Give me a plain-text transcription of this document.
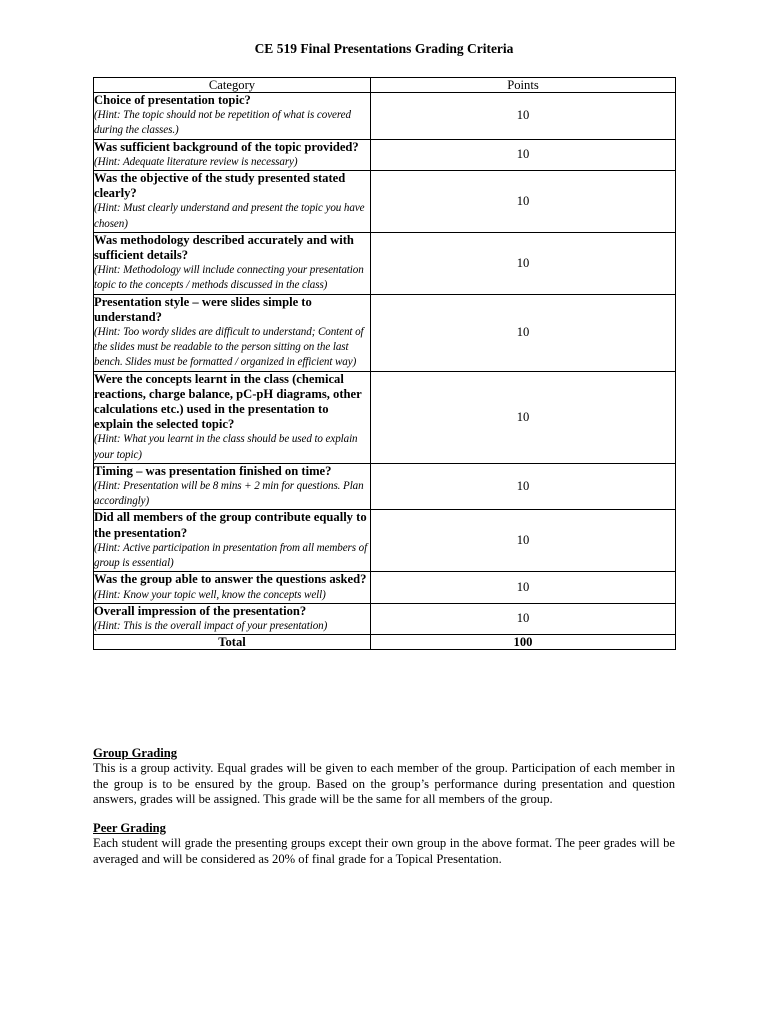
CE 519 Final Presentations Grading Criteria
Category	Points

Choice of presentation topic?
(Hint: The topic should not be repetition of what is covered during the classes.)	10

Was sufficient background of the topic provided?
(Hint: Adequate literature review is necessary)	10

Was the objective of the study presented stated clearly?
(Hint: Must clearly understand and present the topic you have chosen)	10

Was methodology described accurately and with sufficient details?
(Hint: Methodology will include connecting your presentation topic to the concepts / methods discussed in the class)	10

Presentation style – were slides simple to understand?
(Hint: Too wordy slides are difficult to understand; Content of the slides must be readable to the person sitting on the last bench. Slides must be formatted / organized in efficient way)	10

Were the concepts learnt in the class (chemical reactions, charge balance, pC-pH diagrams, other calculations etc.) used in the presentation to explain the selected topic?
(Hint: What you learnt in the class should be used to explain your topic)	10

Timing – was presentation finished on time?
(Hint: Presentation will be 8 mins + 2 min for questions. Plan accordingly)	10

Did all members of the group contribute equally to the presentation?
(Hint: Active participation in presentation from all members of group is essential)	10

Was the group able to answer the questions asked?
(Hint: Know your topic well, know the concepts well)	10

Overall impression of the presentation?
(Hint: This is the overall impact of your presentation)	10
Total	100
Group Grading

This is a group activity. Equal grades will be given to each member of the group. Participation of each member in the group is to be ensured by the group. Based on the group’s performance during presentation and question answers, grades will be assigned. This grade will be the same for all members of the group.

Peer Grading

Each student will grade the presenting groups except their own group in the above format. The peer grades will be averaged and will be considered as 20% of final grade for a Topical Presentation.
